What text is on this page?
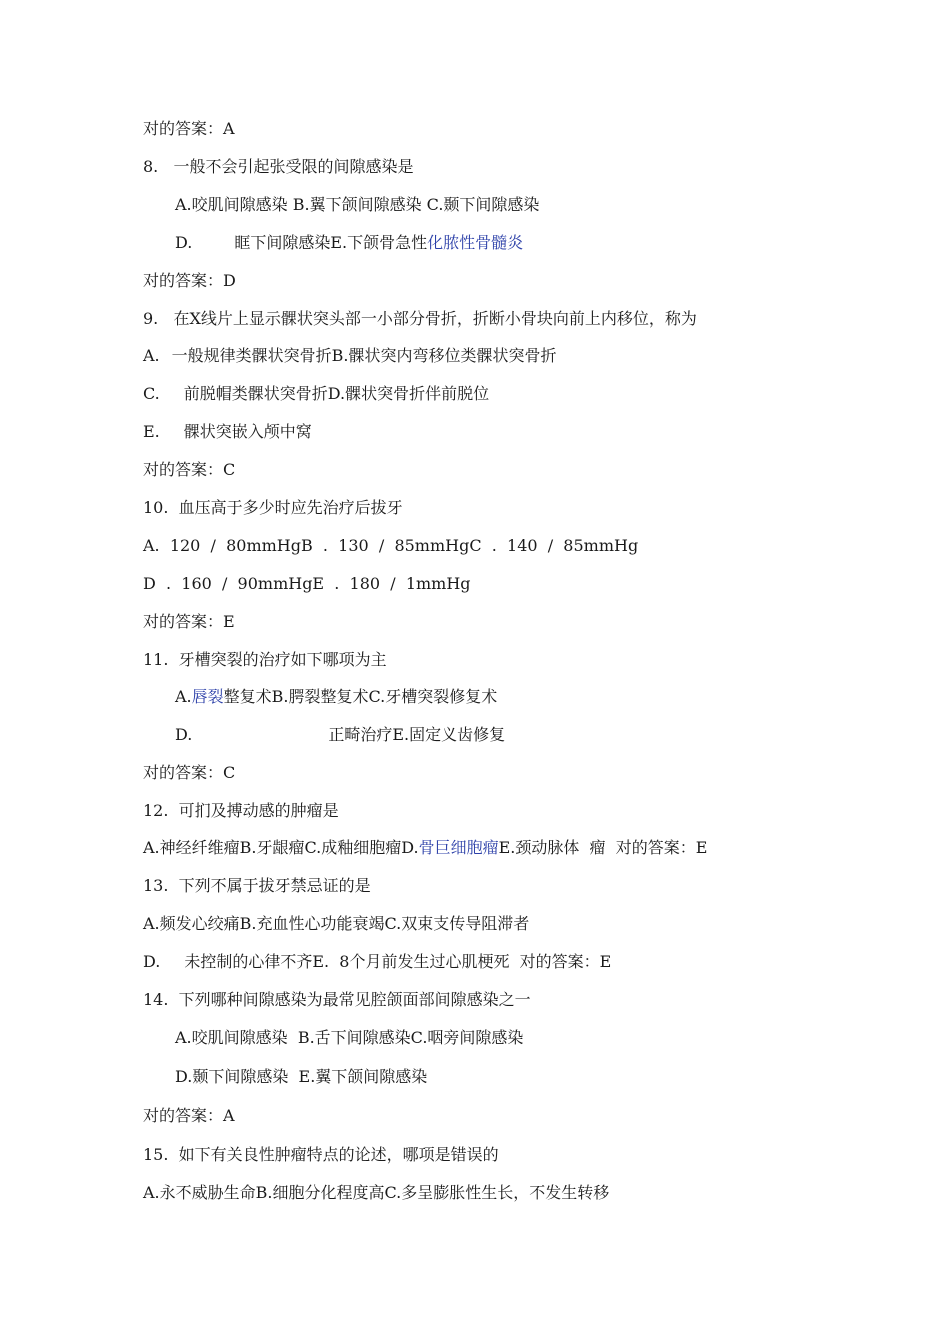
对的答案：A
8.   一般不会引起张受限的间隙感染是
A.咬肌间隙感染 B.翼下颌间隙感染 C.颞下间隙感染
D.	眶下间隙感染E.下颌骨急性化脓性骨髓炎
对的答案：D
9.   在X线片上显示髁状突头部一小部分骨折，折断小骨块向前上内移位，称为
A. 一般规律类髁状突骨折B.髁状突内弯移位类髁状突骨折
C. 前脱帽类髁状突骨折D.髁状突骨折伴前脱位
E. 髁状突嵌入颅中窝
对的答案：C
10.  血压高于多少时应先治疗后拔牙
A.  120  /  80mmHgB  .  130  /  85mmHgC  .  140  /  85mmHg
D  .  160  /  90mmHgE  .  180  /  1mmHg
对的答案：E
11.  牙槽突裂的治疗如下哪项为主
A.唇裂整复术B.腭裂整复术C.牙槽突裂修复术
D.	正畸治疗E.固定义齿修复
对的答案：C
12.  可扪及搏动感的肿瘤是
A.神经纤维瘤B.牙龈瘤C.成釉细胞瘤D.骨巨细胞瘤E.颈动脉体  瘤  对的答案：E
13.  下列不属于拔牙禁忌证的是
A.频发心绞痛B.充血性心功能衰竭C.双束支传导阻滞者
D. 未控制的心律不齐E.  8个月前发生过心肌梗死  对的答案：E
14.  下列哪种间隙感染为最常见腔颌面部间隙感染之一
A.咬肌间隙感染  B.舌下间隙感染C.咽旁间隙感染
D.颞下间隙感染  E.翼下颌间隙感染
对的答案：A
15.  如下有关良性肿瘤特点的论述，哪项是错误的
A.永不威胁生命B.细胞分化程度高C.多呈膨胀性生长，不发生转移
